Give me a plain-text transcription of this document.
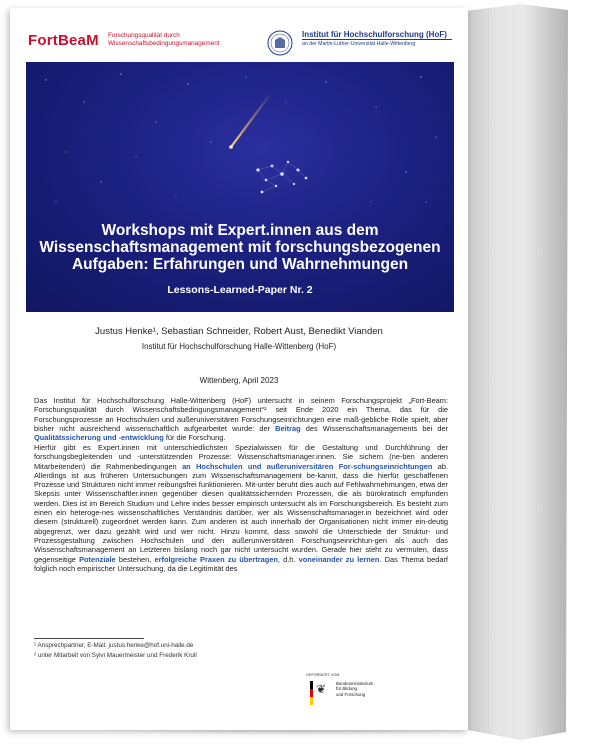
FortBeaM Forschungsqualität durch
Wissenschaftsbedingungsmanagement
Institut für Hochschulforschung (HoF)
an der Martin-Luther-Universität Halle-Wittenberg
Workshops mit Expert.innen aus dem
Wissenschaftsmanagement mit forschungsbezogenen
Aufgaben: Erfahrungen und Wahrnehmungen
Lessons-Learned-Paper Nr. 2
Justus Henke¹, Sebastian Schneider, Robert Aust, Benedikt Vianden
Institut für Hochschulforschung Halle-Wittenberg (HoF)
Wittenberg, April 2023

Das Institut für Hochschulforschung Halle-Wittenberg (HoF) untersucht in seinem Forschungsprojekt „Fort-Beam: Forschungsqualität durch Wissenschaftsbedingungsmanagement“² seit Ende 2020 ein Thema, das für die Forschungsprozesse an Hochschulen und außeruniversitären Forschungseinrichtungen eine maß-gebliche Rolle spielt, aber bisher nicht ausreichend wissenschaftlich aufgearbeitet wurde: der Beitrag des Wissenschaftsmanagements bei der Qualitätssicherung und -entwicklung für die Forschung.

Hierfür gibt es Expert.innen mit unterschiedlichsten Spezialwissen für die Gestaltung und Durchführung der forschungsbegleitenden und -unterstützenden Prozesse: Wissenschaftsmanager.innen. Sie sichern (ne-ben anderen Mitarbeitenden) die Rahmenbedingungen an Hochschulen und außeruniversitären For-schungseinrichtungen ab. Allerdings ist aus früheren Untersuchungen zum Wissenschaftsmanagement be-kannt, dass die hierfür geschaffenen Prozesse und Strukturen nicht immer reibungsfrei funktionieren. Mit-unter beruht dies auch auf Fehlwahrnehmungen, etwa der Skepsis unter Wissenschaftler.innen gegenüber diesen qualitätssichernden Prozessen, die als bürokratisch empfunden werden. Dies ist im Bereich Studium und Lehre indes besser empirisch untersucht als im Forschungsbereich. Es besteht zum einen ein heteroge-nes wissenschaftliches Verständnis darüber, wer als Wissenschaftsmanager.in bezeichnet wird oder diesem (strukturell) zugeordnet werden kann. Zum anderen ist auch innerhalb der Organisationen nicht immer ein-deutig abgegrenzt, wer dazu gezählt wird und wer nicht. Hinzu kommt, dass sowohl die Unterschiede der Struktur- und Prozessgestaltung zwischen Hochschulen und den außeruniversitären Forschungseinrichtun-gen als auch das Wissenschaftsmanagement an Letzteren bislang noch gar nicht untersucht wurden. Gerade hier steht zu vermuten, dass gegenseitige Potenziale bestehen, erfolgreiche Praxen zu übertragen, d.h. voneinander zu lernen. Das Thema bedarf folglich noch empirischer Untersuchung, da die Legitimität des

¹ Ansprechpartner, E-Mail: justus.henke@hof.uni-halle.de
² unter Mitarbeit von Sylvi Mauermeister und Frederik Krull
GEFÖRDERT VOM
❦ Bundesministerium
für Bildung
und Forschung
